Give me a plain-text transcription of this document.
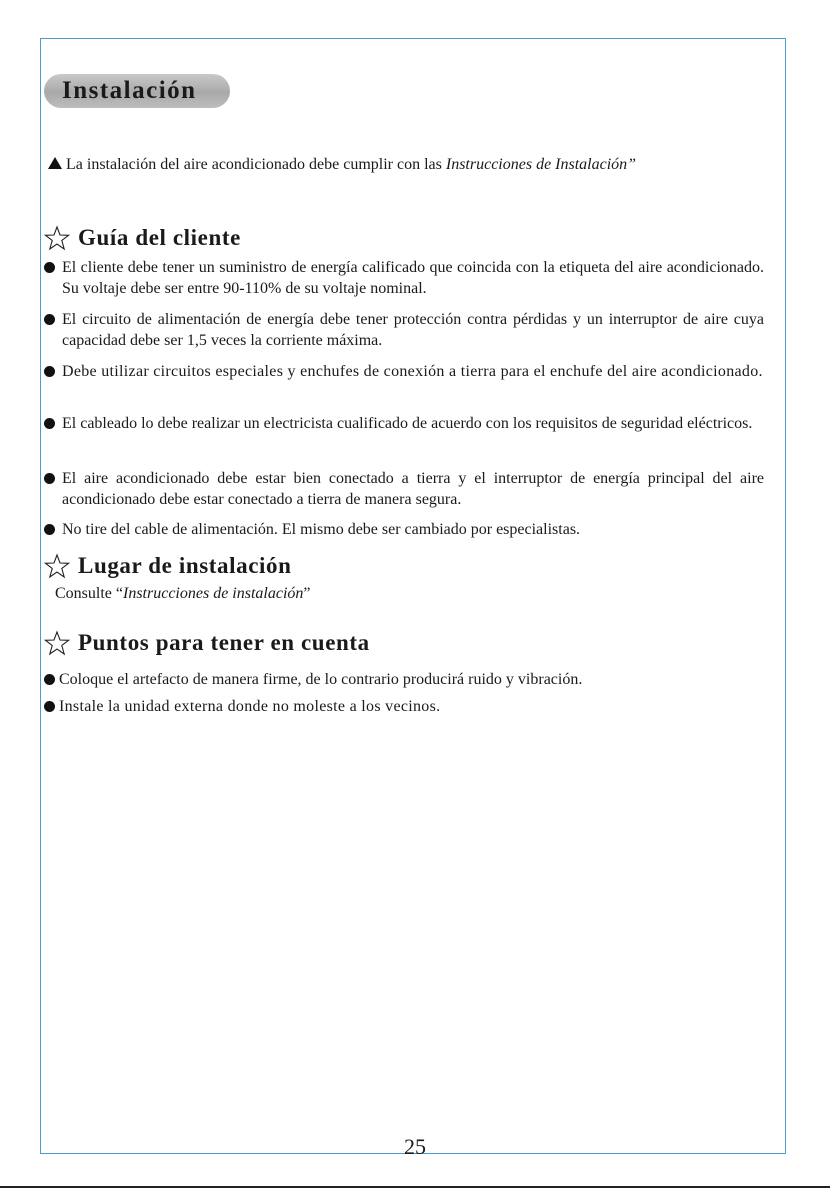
Instalación
La instalación del aire acondicionado debe cumplir con las Instrucciones de Instalación”
Guía del cliente
El cliente debe tener un suministro de energía calificado que coincida con la etiqueta del aire acondicionado. Su voltaje debe ser entre 90-110% de su voltaje nominal.
El circuito de alimentación de energía debe tener protección contra pérdidas y un interruptor de aire cuya capacidad debe ser 1,5 veces la corriente máxima.
Debe utilizar circuitos especiales y enchufes de conexión a tierra para el enchufe del aire acondicionado.
El cableado lo debe realizar un electricista cualificado de acuerdo con los requisitos de seguridad eléctricos.
El aire acondicionado debe estar bien conectado a tierra y el interruptor de energía principal del aire acondicionado debe estar conectado a tierra de manera segura.
No tire del cable de alimentación. El mismo debe ser cambiado por especialistas.
Lugar de instalación
Consulte “Instrucciones de instalación”
Puntos para tener en cuenta
Coloque el artefacto de manera firme, de lo contrario producirá ruido y vibración.
Instale la unidad externa donde no moleste a los vecinos.
25
